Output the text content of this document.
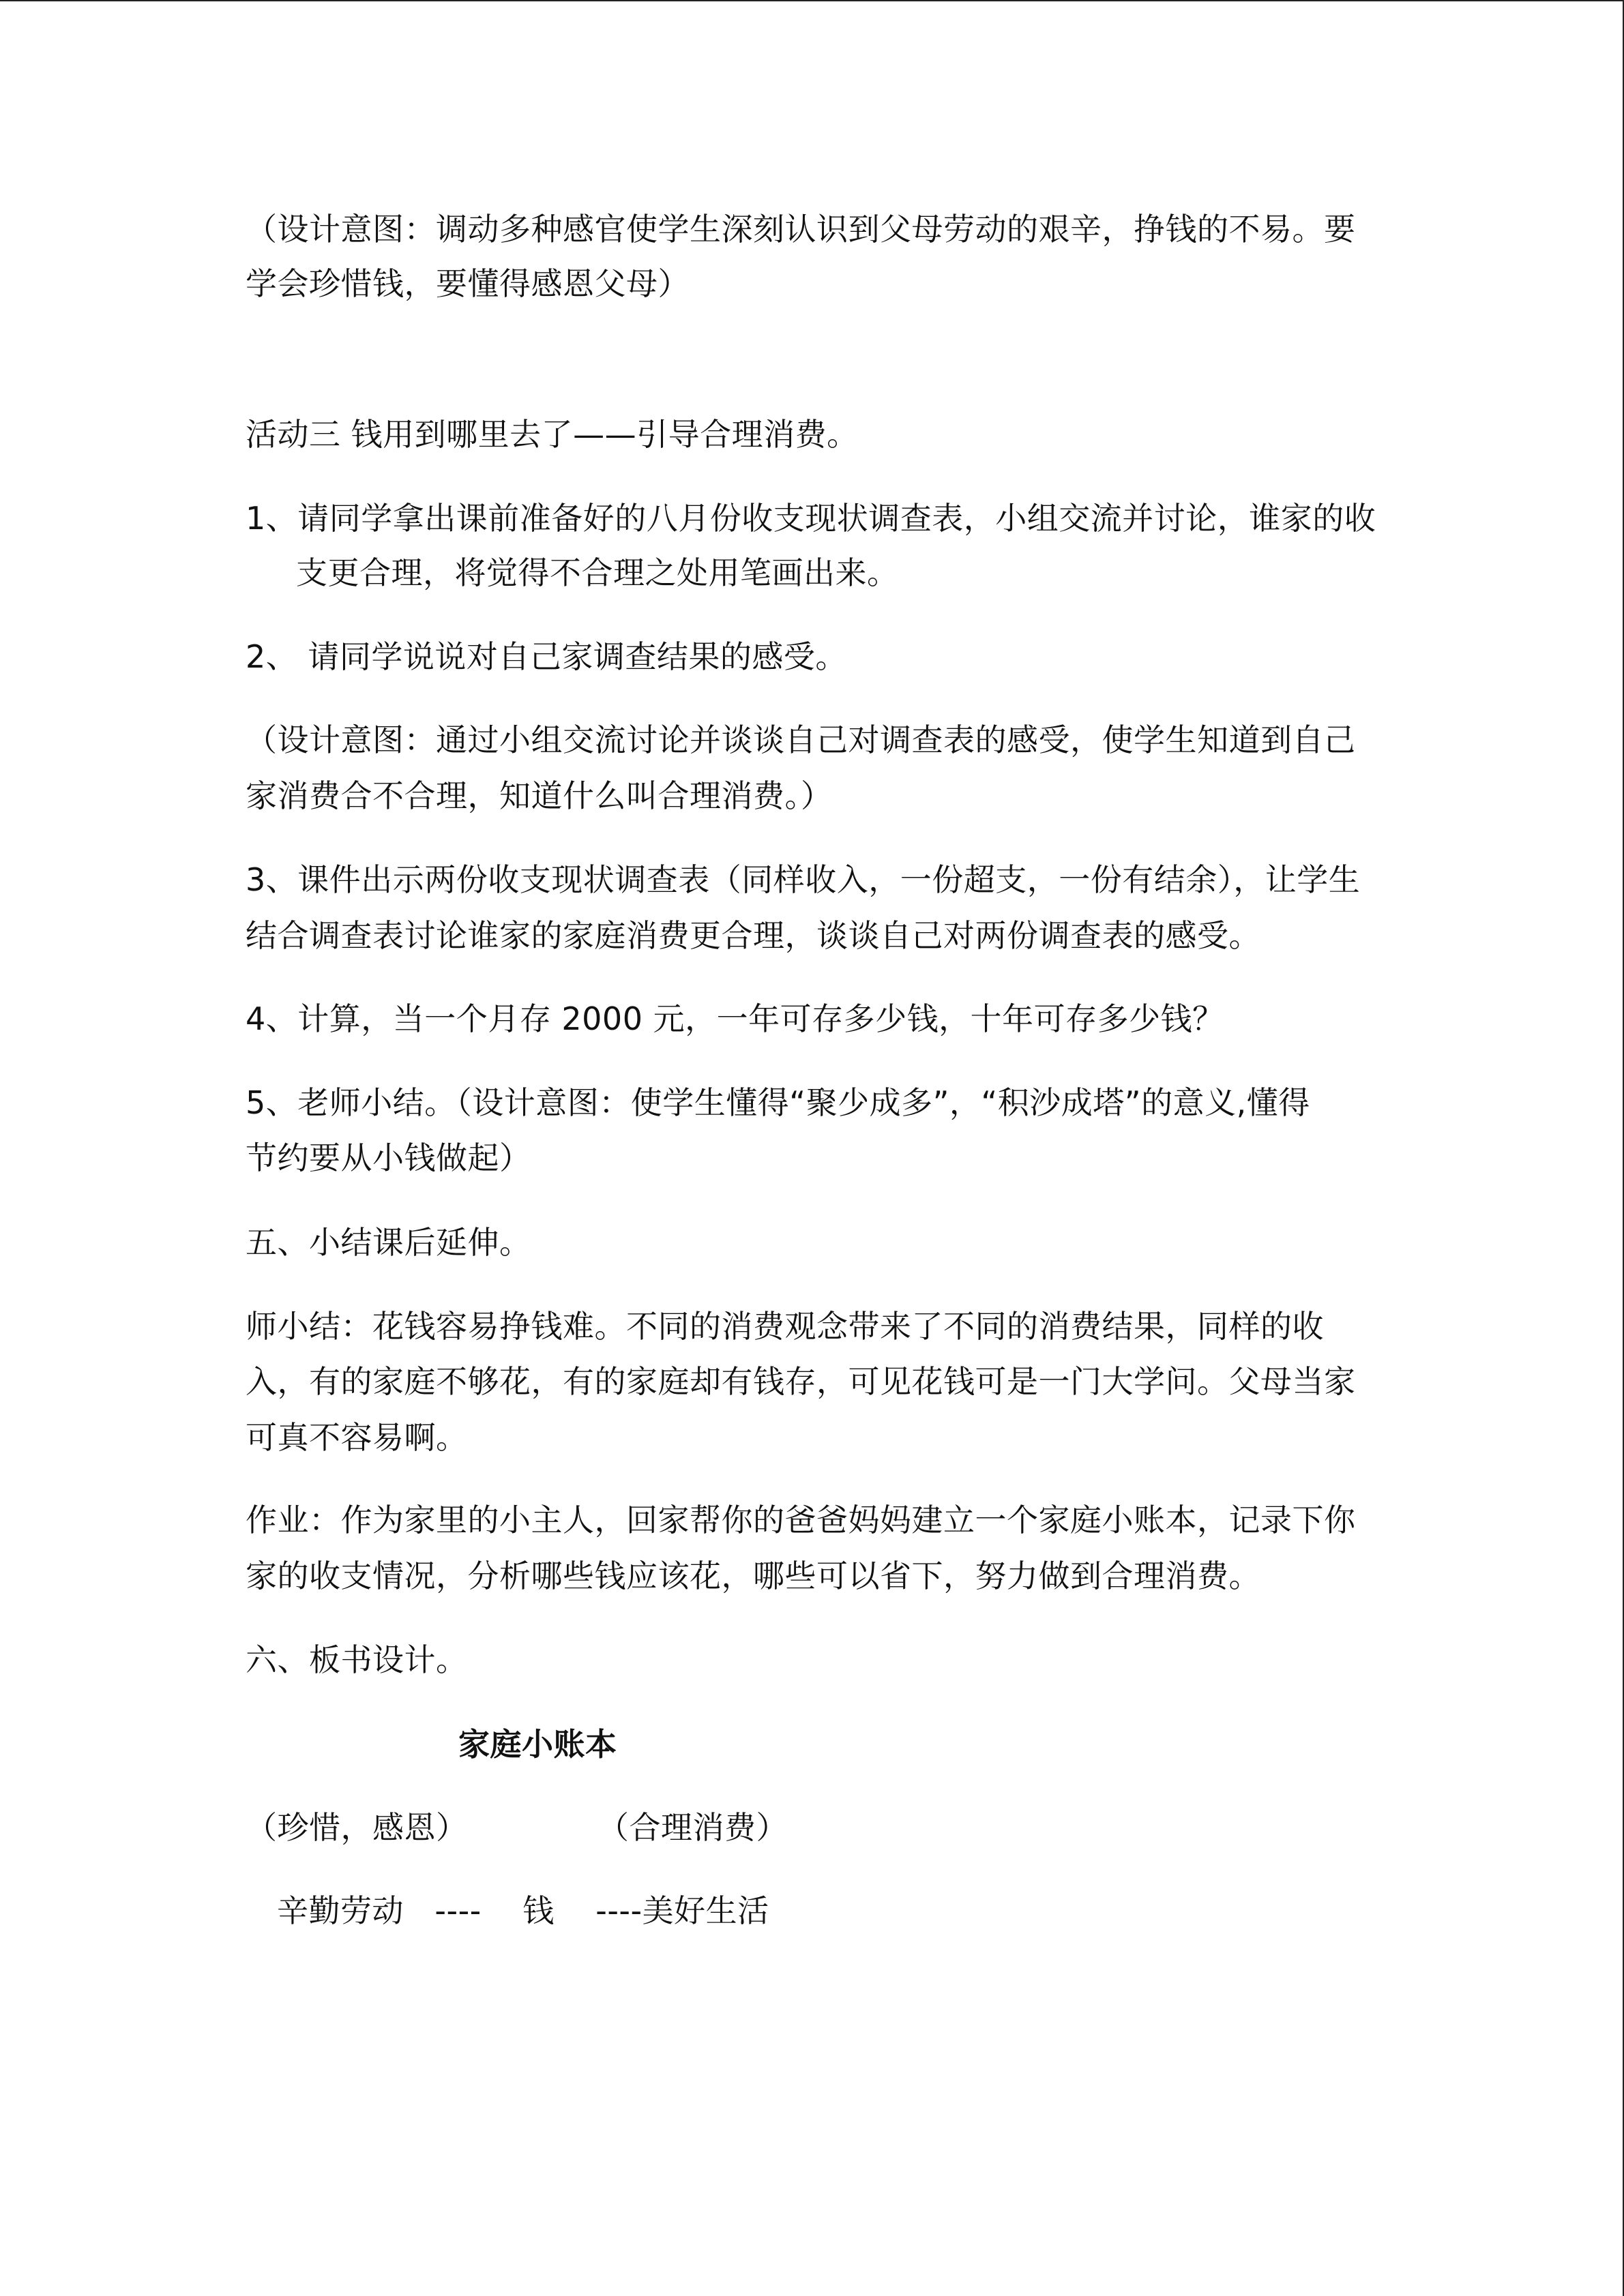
（设计意图：调动多种感官使学生深刻认识到父母劳动的艰辛，挣钱的不易。要
学会珍惜钱，要懂得感恩父母）
活动三 钱用到哪里去了——引导合理消费。
1、请同学拿出课前准备好的八月份收支现状调查表，小组交流并讨论，谁家的收
支更合理，将觉得不合理之处用笔画出来。
2、 请同学说说对自己家调查结果的感受。
（设计意图：通过小组交流讨论并谈谈自己对调查表的感受，使学生知道到自己
家消费合不合理，知道什么叫合理消费。）
3、课件出示两份收支现状调查表（同样收入，一份超支，一份有结余），让学生
结合调查表讨论谁家的家庭消费更合理，谈谈自己对两份调查表的感受。
4、计算，当一个月存 2000 元，一年可存多少钱，十年可存多少钱？
5、老师小结。（设计意图：使学生懂得“聚少成多”，“积沙成塔”的意义,懂得
节约要从小钱做起）
五、小结课后延伸。
师小结：花钱容易挣钱难。不同的消费观念带来了不同的消费结果，同样的收
入，有的家庭不够花，有的家庭却有钱存，可见花钱可是一门大学问。父母当家
可真不容易啊。
作业：作为家里的小主人，回家帮你的爸爸妈妈建立一个家庭小账本，记录下你
家的收支情况，分析哪些钱应该花，哪些可以省下，努力做到合理消费。
六、板书设计。
家庭小账本
（珍惜，感恩）	（合理消费）
辛勤劳动   ----    钱    ----美好生活
